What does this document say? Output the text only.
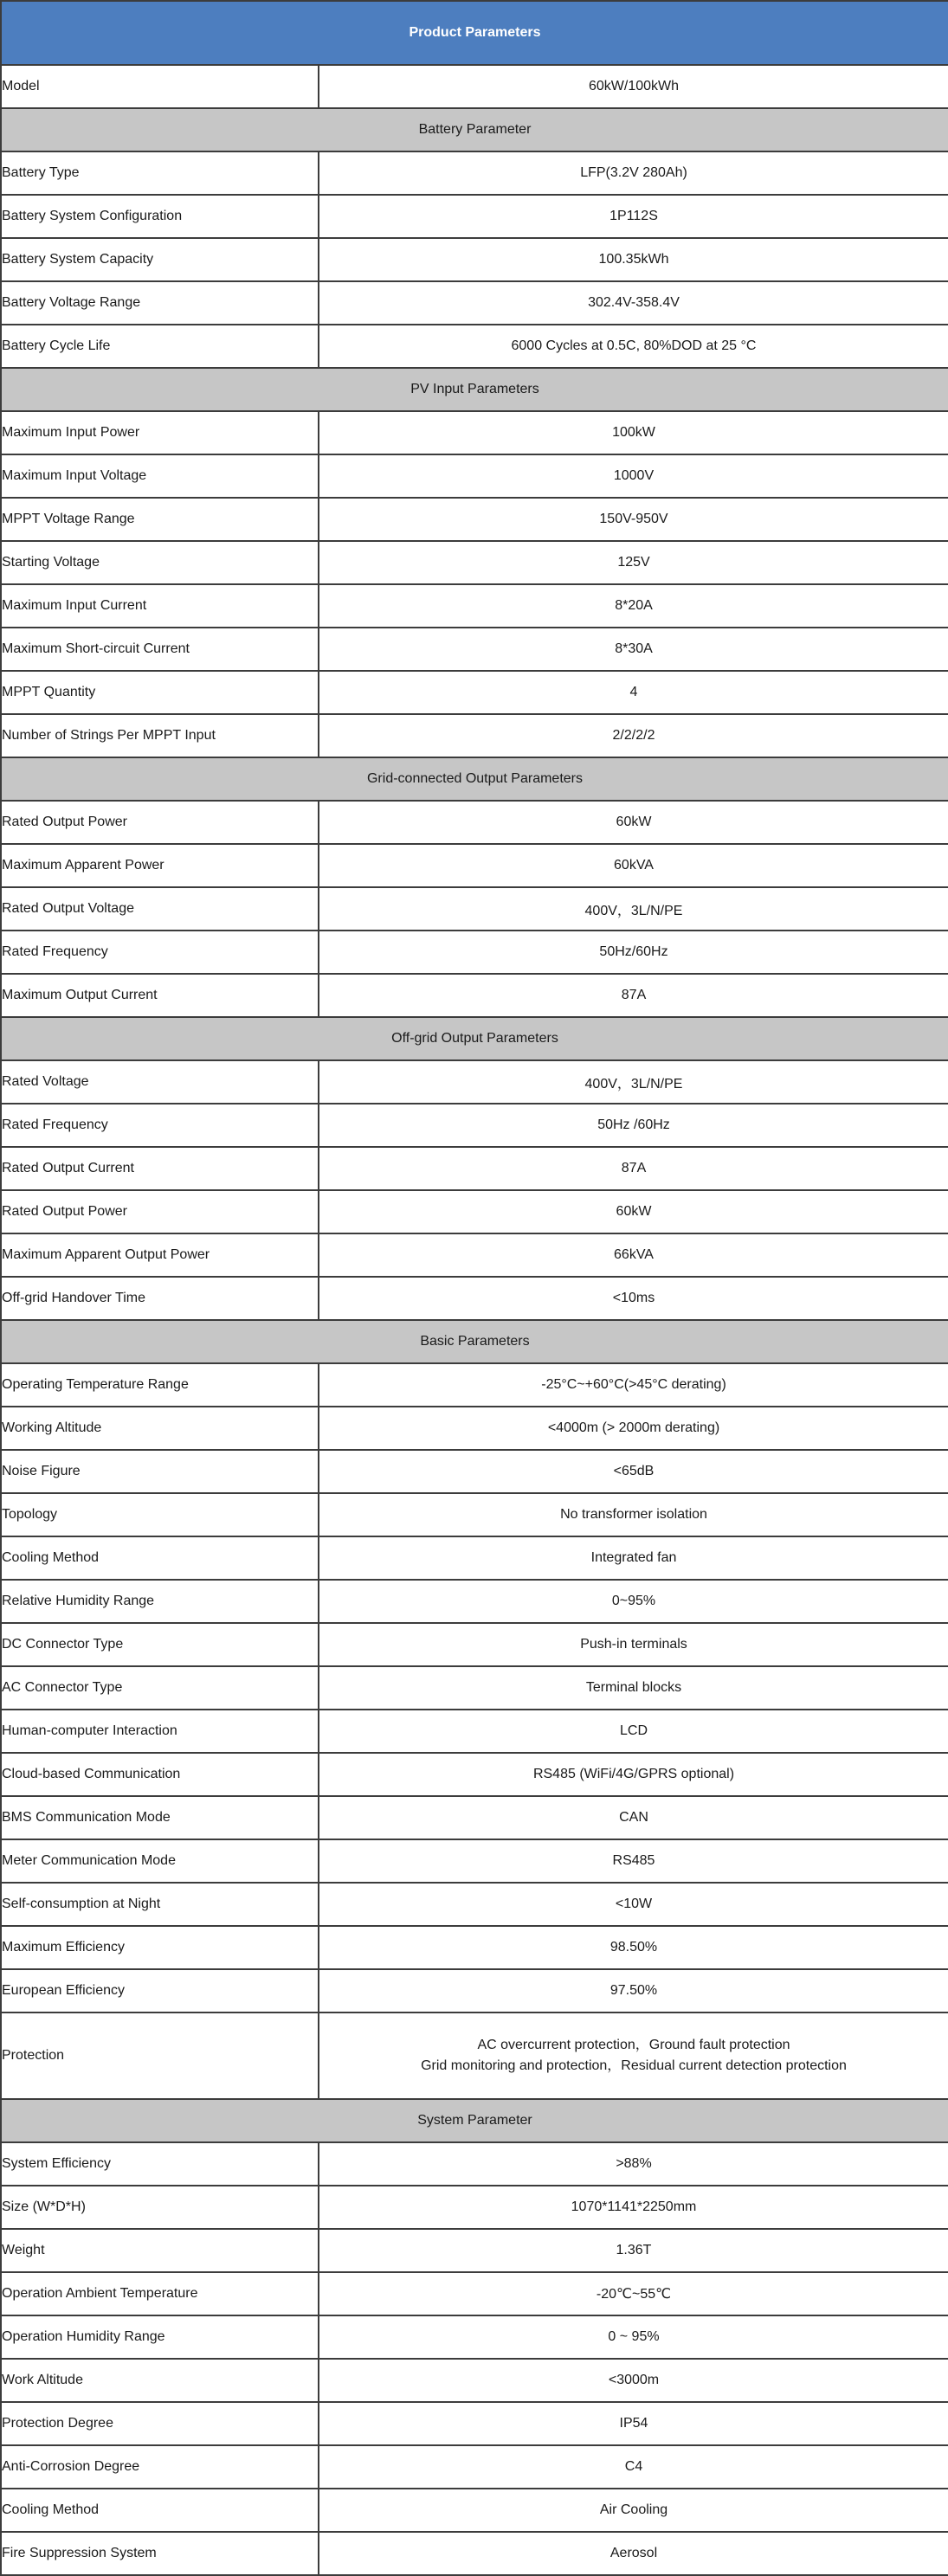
Product Parameters	
Model	60kW/100kWh
Battery Parameter	
Battery Type	LFP(3.2V 280Ah)
Battery System Configuration	1P112S
Battery System Capacity	100.35kWh
Battery Voltage Range	302.4V-358.4V
Battery Cycle Life	6000 Cycles at 0.5C, 80%DOD at 25 °C
PV Input Parameters	
Maximum Input Power	100kW
Maximum Input Voltage	1000V
MPPT Voltage Range	150V-950V
Starting Voltage	125V
Maximum Input Current	8*20A
Maximum Short-circuit Current	8*30A
MPPT Quantity	4
Number of Strings Per MPPT Input	2/2/2/2
Grid-connected Output Parameters	
Rated Output Power	60kW
Maximum Apparent Power	60kVA
Rated Output Voltage	400V，3L/N/PE
Rated Frequency	50Hz/60Hz
Maximum Output Current	87A
Off-grid Output Parameters	
Rated Voltage	400V，3L/N/PE
Rated Frequency	50Hz /60Hz
Rated Output Current	87A
Rated Output Power	60kW
Maximum Apparent Output Power	66kVA
Off-grid Handover Time	<10ms
Basic Parameters	
Operating Temperature Range	-25°C~+60°C(>45°C derating)
Working Altitude	<4000m (> 2000m derating)
Noise Figure	<65dB
Topology	No transformer isolation
Cooling Method	Integrated fan
Relative Humidity Range	0~95%
DC Connector Type	Push-in terminals
AC Connector Type	Terminal blocks
Human-computer Interaction	LCD
Cloud-based Communication	RS485 (WiFi/4G/GPRS optional)
BMS Communication Mode	CAN
Meter Communication Mode	RS485
Self-consumption at Night	<10W
Maximum Efficiency	98.50%
European Efficiency	97.50%
Protection	AC overcurrent protection，Ground fault protection
Grid monitoring and protection，Residual current detection protection

System Parameter	
System Efficiency	>88%
Size (W*D*H)	1070*1141*2250mm
Weight	1.36T
Operation Ambient Temperature	-20℃~55℃
Operation Humidity Range	0 ~ 95%
Work Altitude	<3000m
Protection Degree	IP54
Anti-Corrosion Degree	C4
Cooling Method	Air Cooling
Fire Suppression System	Aerosol
